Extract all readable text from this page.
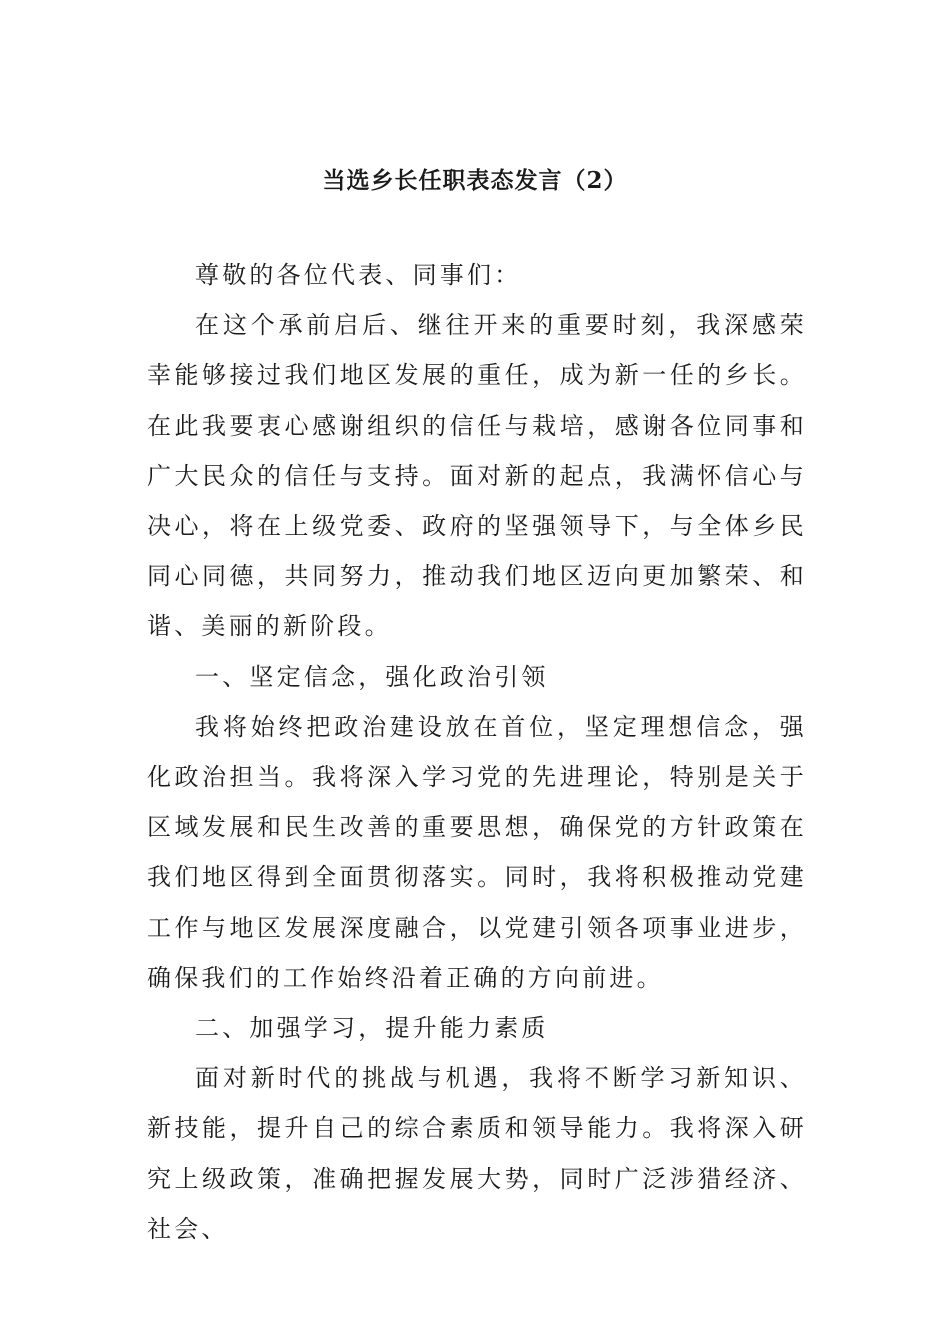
当选乡长任职表态发言（2）

尊敬的各位代表、同事们：

在这个承前启后、继往开来的重要时刻，我深感荣幸能够接过我们地区发展的重任，成为新一任的乡长。在此我要衷心感谢组织的信任与栽培，感谢各位同事和广大民众的信任与支持。面对新的起点，我满怀信心与决心，将在上级党委、政府的坚强领导下，与全体乡民同心同德，共同努力，推动我们地区迈向更加繁荣、和谐、美丽的新阶段。

一、坚定信念，强化政治引领

我将始终把政治建设放在首位，坚定理想信念，强化政治担当。我将深入学习党的先进理论，特别是关于区域发展和民生改善的重要思想，确保党的方针政策在我们地区得到全面贯彻落实。同时，我将积极推动党建工作与地区发展深度融合，以党建引领各项事业进步，确保我们的工作始终沿着正确的方向前进。

二、加强学习，提升能力素质

面对新时代的挑战与机遇，我将不断学习新知识、新技能，提升自己的综合素质和领导能力。我将深入研究上级政策，准确把握发展大势，同时广泛涉猎经济、社会、
